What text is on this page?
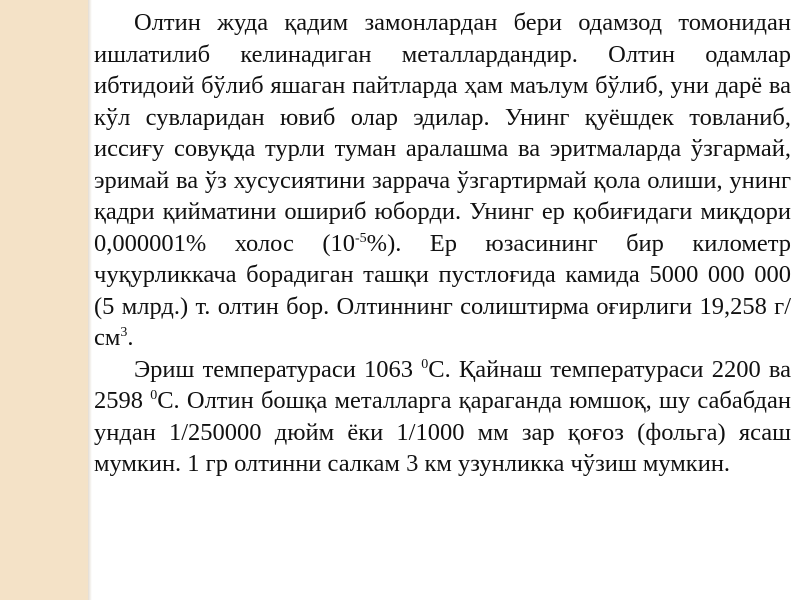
Олтин жуда қадим замонлардан бери одамзод томонидан ишлатилиб келинадиган металлардандир. Олтин одамлар ибтидоий бўлиб яшаган пайтларда ҳам маълум бўлиб, уни дарё ва кўл сувларидан ювиб олар эдилар. Унинг қуёшдек товланиб, иссиғу совуқда турли туман аралашма ва эритмаларда ўзгармай, эримай ва ўз хусусиятини заррача ўзгартирмай қола олиши, унинг қадри қийматини ошириб юборди. Унинг ер қобиғидаги миқдори 0,000001% холос $(10^{-5}\%)$. Ер юзасининг бир километр чуқурликкача борадиган ташқи пустлоғида камида 5000 000 000 (5 млрд.) т. олтин бор. Олтиннинг солиштирма оғирлиги 19,258 $г/см^3$.

Эриш температураси 1063 $^0$С. Қайнаш температураси 2200 ва 2598 $^0$С. Олтин бошқа металларга қараганда юмшоқ, шу сабабдан ундан 1/250000 дюйм ёки 1/1000 мм зар қоғоз (фольга) ясаш мумкин. 1 гр олтинни салкам 3 км узунликка чўзиш мумкин.
